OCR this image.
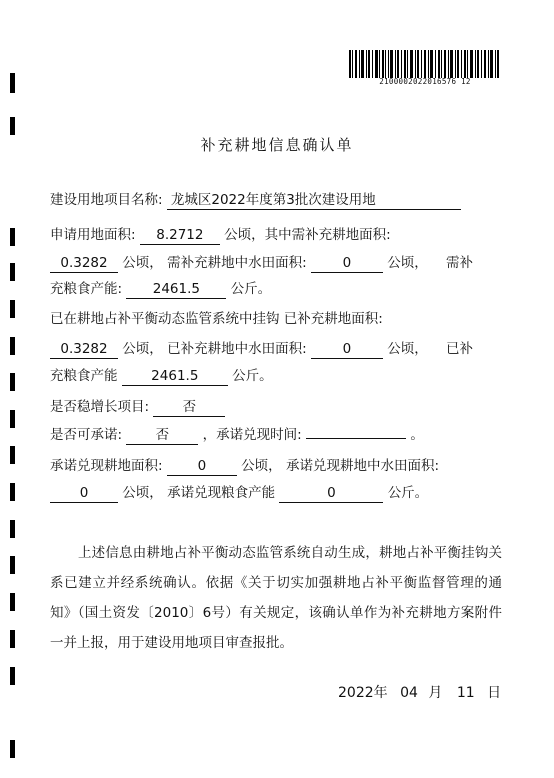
2100002022016576 12
补充耕地信息确认单
建设用地项目名称: 龙城区2022年度第3批次建设用地
申请用地面积: 8.2712 公顷，其中需补充耕地面积:
0.3282 公顷， 需补充耕地中水田面积:	0	公顷， 需补
充粮食产能: 2461.5 公斤。
已在耕地占补平衡动态监管系统中挂钩 已补充耕地面积:
0.3282 公顷， 已补充耕地中水田面积:	0	公顷， 已补
充粮食产能 2461.5 公斤。
是否稳增长项目: 否
是否可承诺: 否 ，承诺兑现时间:	。
承诺兑现耕地面积:	0	公顷， 承诺兑现耕地中水田面积:
0	公顷， 承诺兑现粮食产能	0	公斤。
上述信息由耕地占补平衡动态监管系统自动生成，耕地占补平衡挂钩关系已建立并经系统确认。依据《关于切实加强耕地占补平衡监督管理的通知》（国土资发〔2010〕6号）有关规定，该确认单作为补充耕地方案附件一并上报，用于建设用地项目审查报批。
2022年 04 月 11 日
